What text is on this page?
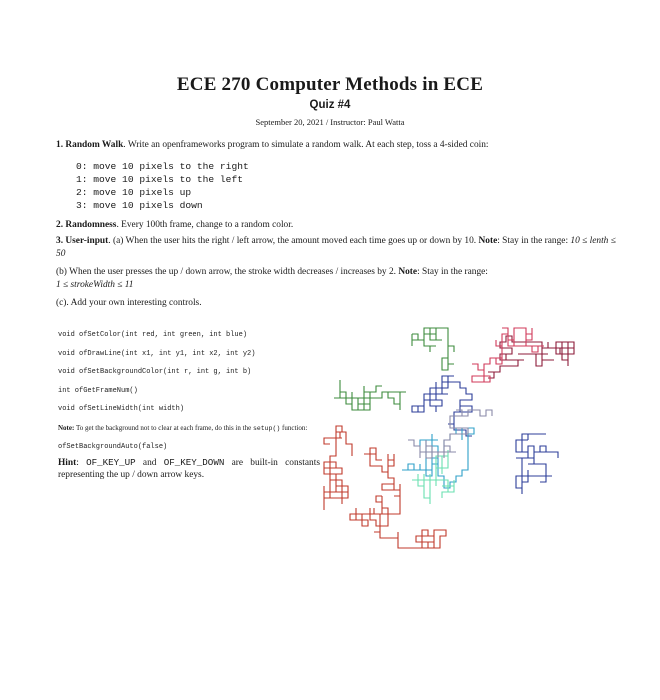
ECE 270 Computer Methods in ECE
Quiz #4
September 20, 2021 / Instructor: Paul Watta
1. Random Walk. Write an openframeworks program to simulate a random walk. At each step, toss a 4-sided coin:
0: move 10 pixels to the right
1: move 10 pixels to the left
2: move 10 pixels up
3: move 10 pixels down
2. Randomness. Every 100th frame, change to a random color.
3. User-input. (a) When the user hits the right / left arrow, the amount moved each time goes up or down by 10. Note: Stay in the range: 10 ≤ lenth ≤ 50
(b) When the user presses the up / down arrow, the stroke width decreases / increases by 2. Note: Stay in the range:
1 ≤ strokeWidth ≤ 11
(c). Add your own interesting controls.
void ofSetColor(int red, int green, int blue)
void ofDrawLine(int x1, int y1, int x2, int y2)
void ofSetBackgroundColor(int r, int g, int b)
int ofGetFrameNum()
void ofSetLineWidth(int width)
Note: To get the background not to clear at each frame, do this in the setup() function:
ofSetBackgroundAuto(false)
Hint: OF_KEY_UP and OF_KEY_DOWN are built-in constants representing the up / down arrow keys.
